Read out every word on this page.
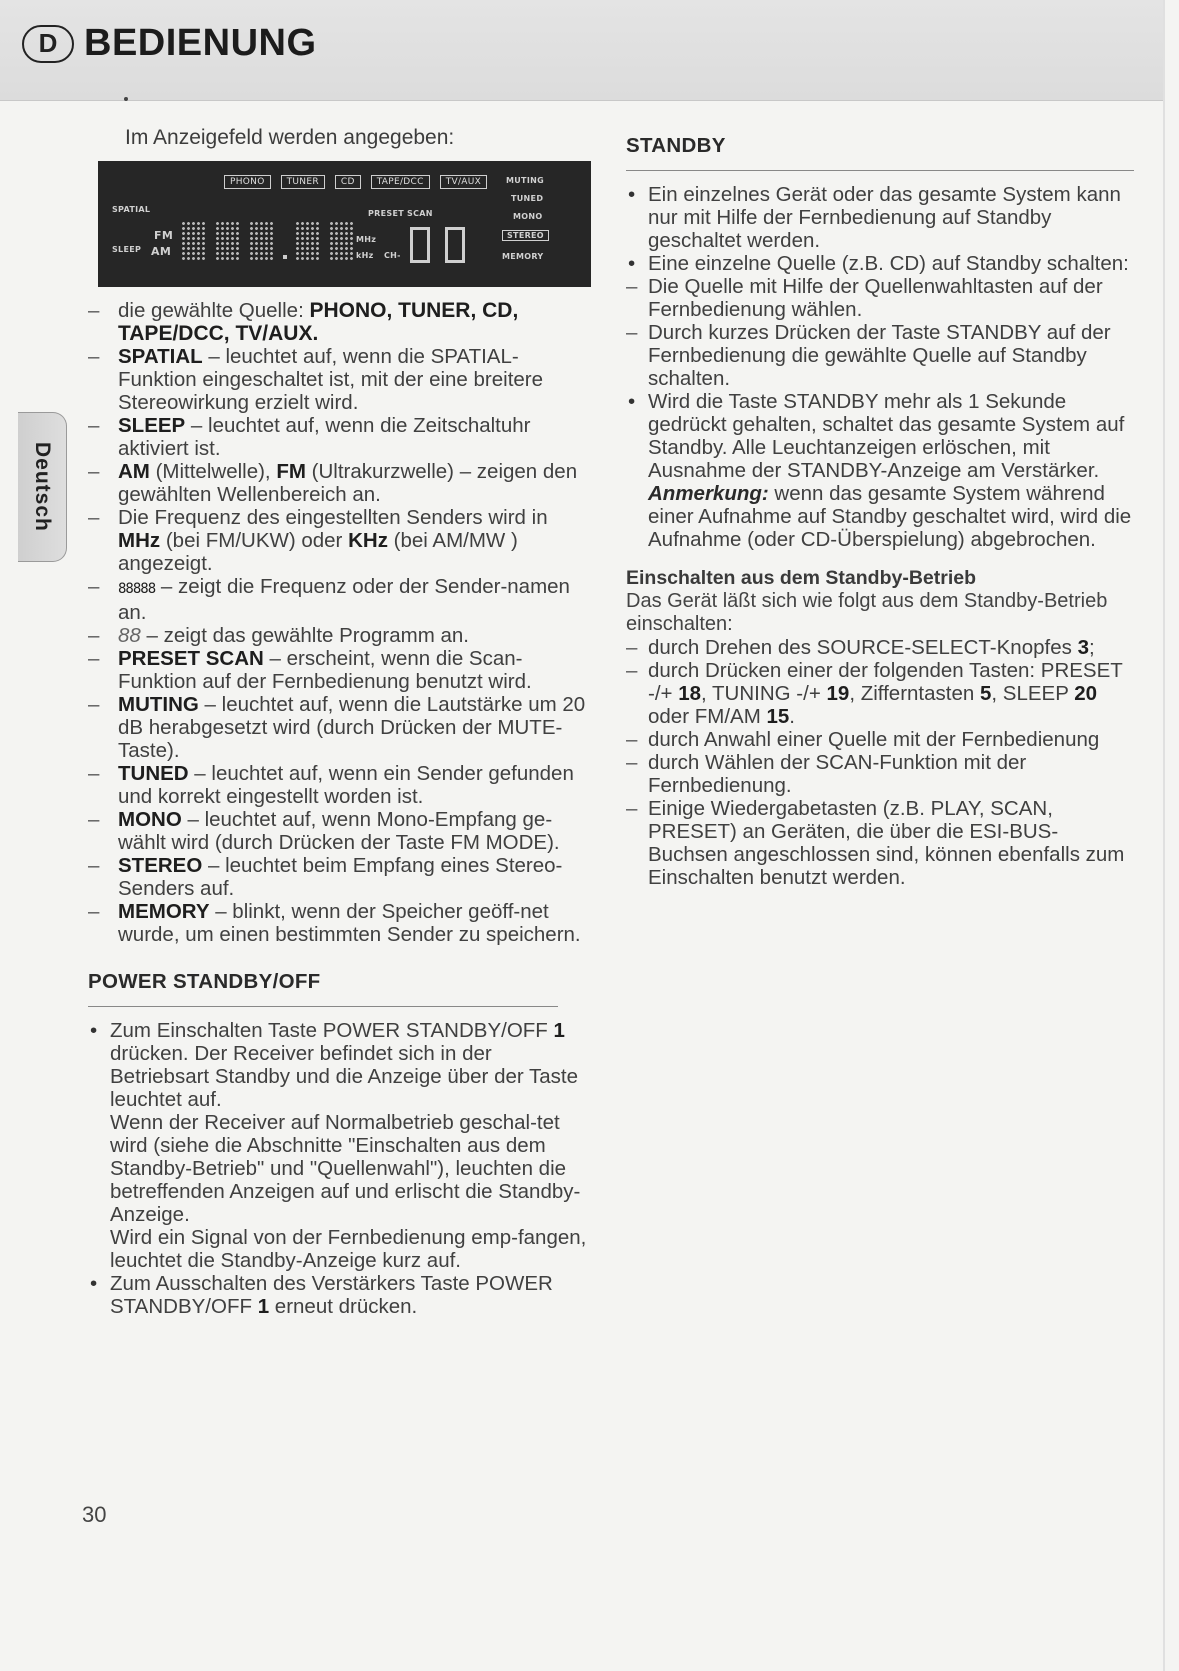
D BEDIENUNG
Deutsch
Im Anzeigefeld werden angegeben:
PHONO	TUNER	CD	TAPE/DCC	TV/AUX
SPATIAL
SLEEP
FM
AM
PRESET SCAN
MHz
kHz CH-
MUTING
TUNED
MONO
STEREO
MEMORY
– die gewählte Quelle: PHONO, TUNER, CD, TAPE/DCC, TV/AUX.
– SPATIAL – leuchtet auf, wenn die SPATIAL-Funktion eingeschaltet ist, mit der eine breitere Stereowirkung erzielt wird.
– SLEEP – leuchtet auf, wenn die Zeitschaltuhr aktiviert ist.
– AM (Mittelwelle), FM (Ultrakurzwelle) – zeigen den gewählten Wellenbereich an.
– Die Frequenz des eingestellten Senders wird in MHz (bei FM/UKW) oder KHz (bei AM/MW ) angezeigt.
– 88888 – zeigt die Frequenz oder der Sender-namen an.
– 88 – zeigt das gewählte Programm an.
– PRESET SCAN – erscheint, wenn die Scan-Funktion auf der Fernbedienung benutzt wird.
– MUTING – leuchtet auf, wenn die Lautstärke um 20 dB herabgesetzt wird (durch Drücken der MUTE-Taste).
– TUNED – leuchtet auf, wenn ein Sender gefunden und korrekt eingestellt worden ist.
– MONO – leuchtet auf, wenn Mono-Empfang ge-wählt wird (durch Drücken der Taste FM MODE).
– STEREO – leuchtet beim Empfang eines Stereo-Senders auf.
– MEMORY – blinkt, wenn der Speicher geöff-net wurde, um einen bestimmten Sender zu speichern.
POWER STANDBY/OFF
• Zum Einschalten Taste POWER STANDBY/OFF 1 drücken. Der Receiver befindet sich in der Betriebsart Standby und die Anzeige über der Taste leuchtet auf.
Wenn der Receiver auf Normalbetrieb geschal-tet wird (siehe die Abschnitte "Einschalten aus dem Standby-Betrieb" und "Quellenwahl"), leuchten die betreffenden Anzeigen auf und erlischt die Standby-Anzeige.
Wird ein Signal von der Fernbedienung emp-fangen, leuchtet die Standby-Anzeige kurz auf.
• Zum Ausschalten des Verstärkers Taste POWER STANDBY/OFF 1 erneut drücken.
STANDBY
• Ein einzelnes Gerät oder das gesamte System kann nur mit Hilfe der Fernbedienung auf Standby geschaltet werden.
• Eine einzelne Quelle (z.B. CD) auf Standby schalten:
– Die Quelle mit Hilfe der Quellenwahltasten auf der Fernbedienung wählen.
– Durch kurzes Drücken der Taste STANDBY auf der Fernbedienung die gewählte Quelle auf Standby schalten.
• Wird die Taste STANDBY mehr als 1 Sekunde gedrückt gehalten, schaltet das gesamte System auf Standby. Alle Leuchtanzeigen erlöschen, mit Ausnahme der STANDBY-Anzeige am Verstärker.
Anmerkung: wenn das gesamte System während einer Aufnahme auf Standby geschaltet wird, wird die Aufnahme (oder CD-Überspielung) abgebrochen.
Einschalten aus dem Standby-Betrieb
Das Gerät läßt sich wie folgt aus dem Standby-Betrieb einschalten:
– durch Drehen des SOURCE-SELECT-Knopfes 3;
– durch Drücken einer der folgenden Tasten: PRESET -/+ 18, TUNING -/+ 19, Zifferntasten 5, SLEEP 20 oder FM/AM 15.
– durch Anwahl einer Quelle mit der Fernbedienung
– durch Wählen der SCAN-Funktion mit der Fernbedienung.
– Einige Wiedergabetasten (z.B. PLAY, SCAN, PRESET) an Geräten, die über die ESI-BUS-Buchsen angeschlossen sind, können ebenfalls zum Einschalten benutzt werden.
30
